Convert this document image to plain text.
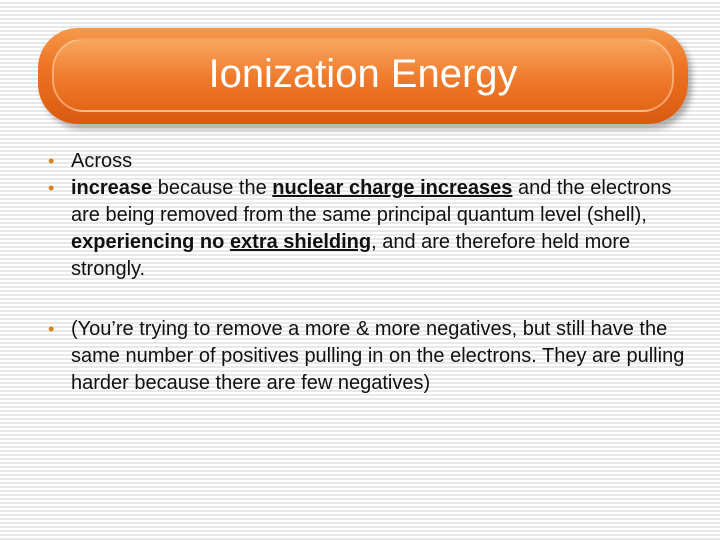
Ionization Energy

• Across

• increase because the nuclear charge increases and the electrons are being removed from the same principal quantum level (shell), experiencing no extra shielding, and are therefore held more strongly.

• (You’re trying to remove a more & more negatives, but still have the same number of positives pulling in on the electrons. They are pulling harder because there are few negatives)
